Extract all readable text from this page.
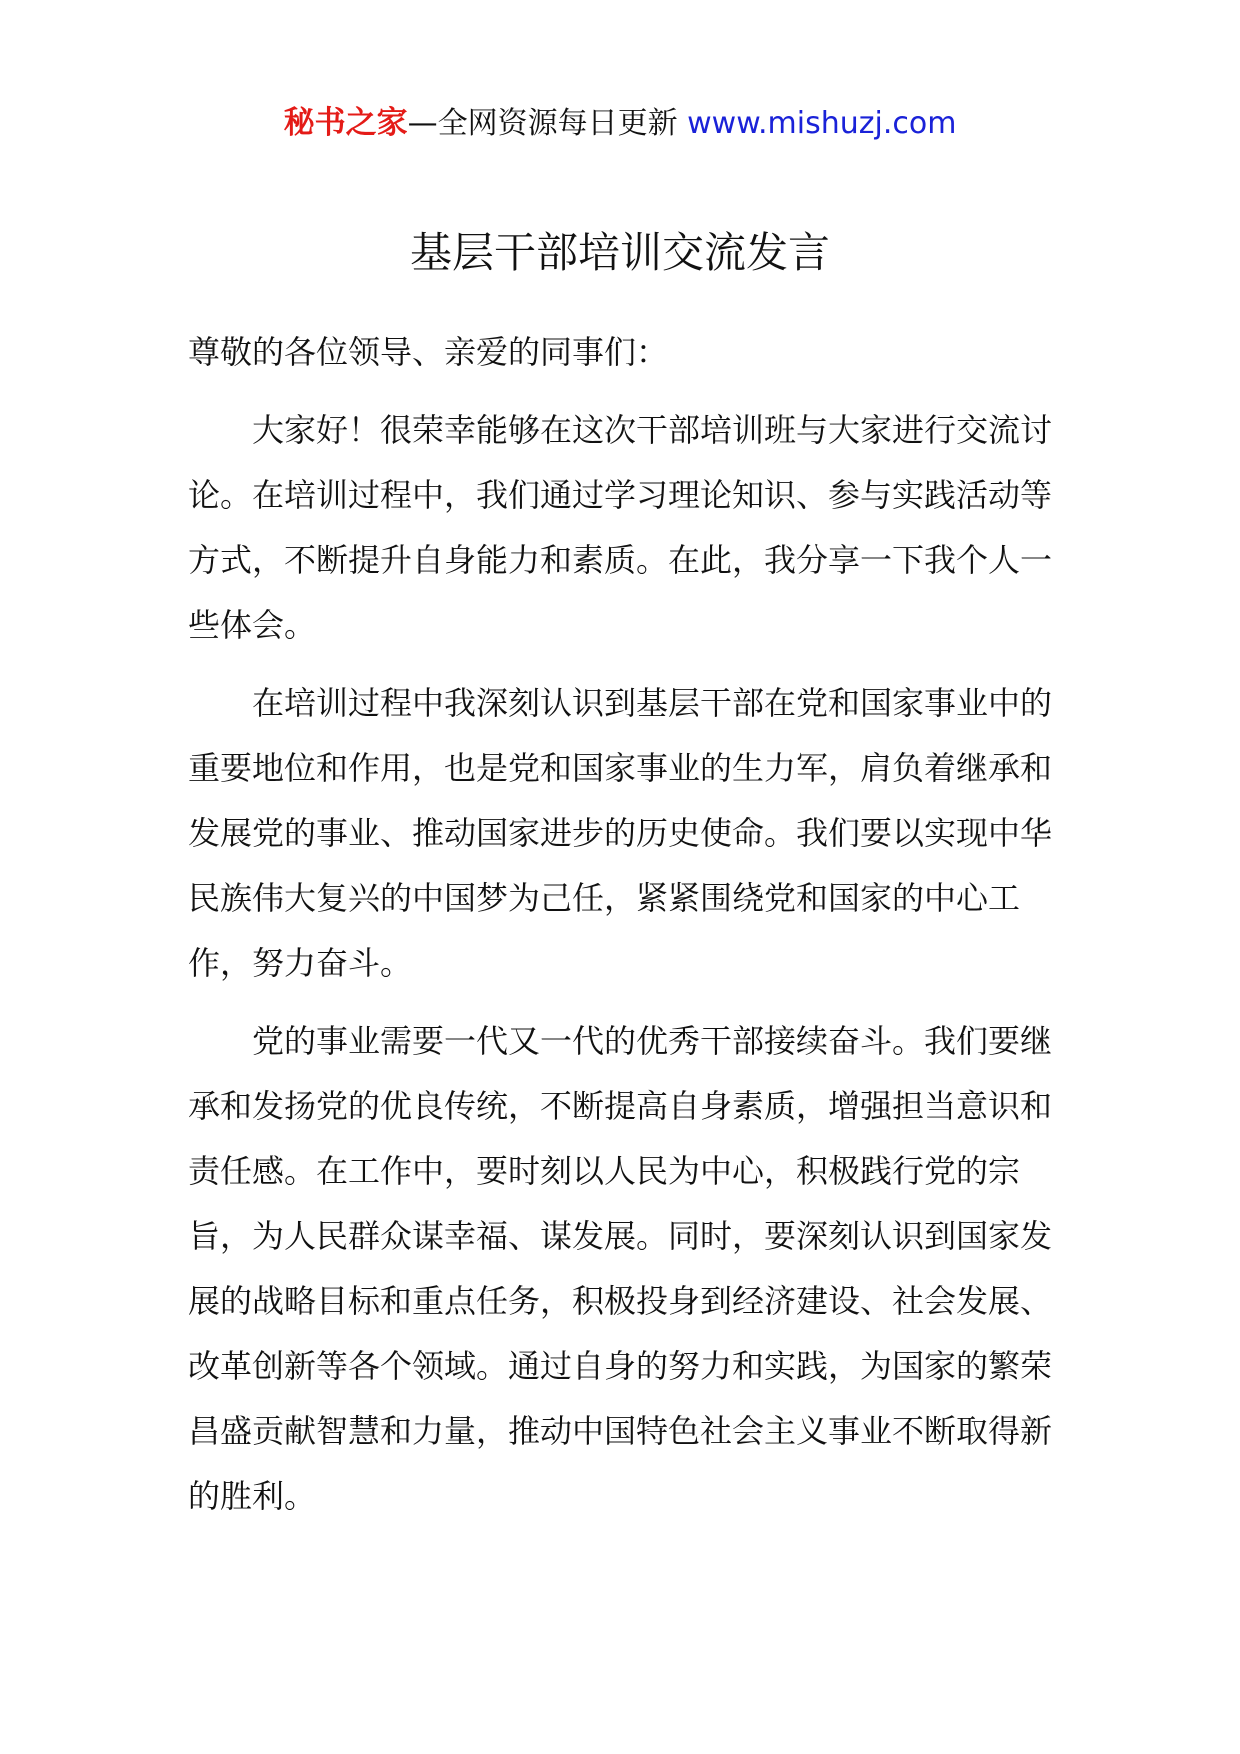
秘书之家—全网资源每日更新 www.mishuzj.com
基层干部培训交流发言

尊敬的各位领导、亲爱的同事们：

大家好！很荣幸能够在这次干部培训班与大家进行交流讨论。在培训过程中，我们通过学习理论知识、参与实践活动等方式，不断提升自身能力和素质。在此，我分享一下我个人一些体会。

在培训过程中我深刻认识到基层干部在党和国家事业中的重要地位和作用，也是党和国家事业的生力军，肩负着继承和发展党的事业、推动国家进步的历史使命。我们要以实现中华民族伟大复兴的中国梦为己任，紧紧围绕党和国家的中心工作，努力奋斗。

党的事业需要一代又一代的优秀干部接续奋斗。我们要继承和发扬党的优良传统，不断提高自身素质，增强担当意识和责任感。在工作中，要时刻以人民为中心，积极践行党的宗旨，为人民群众谋幸福、谋发展。同时，要深刻认识到国家发展的战略目标和重点任务，积极投身到经济建设、社会发展、改革创新等各个领域。通过自身的努力和实践，为国家的繁荣昌盛贡献智慧和力量，推动中国特色社会主义事业不断取得新的胜利。
